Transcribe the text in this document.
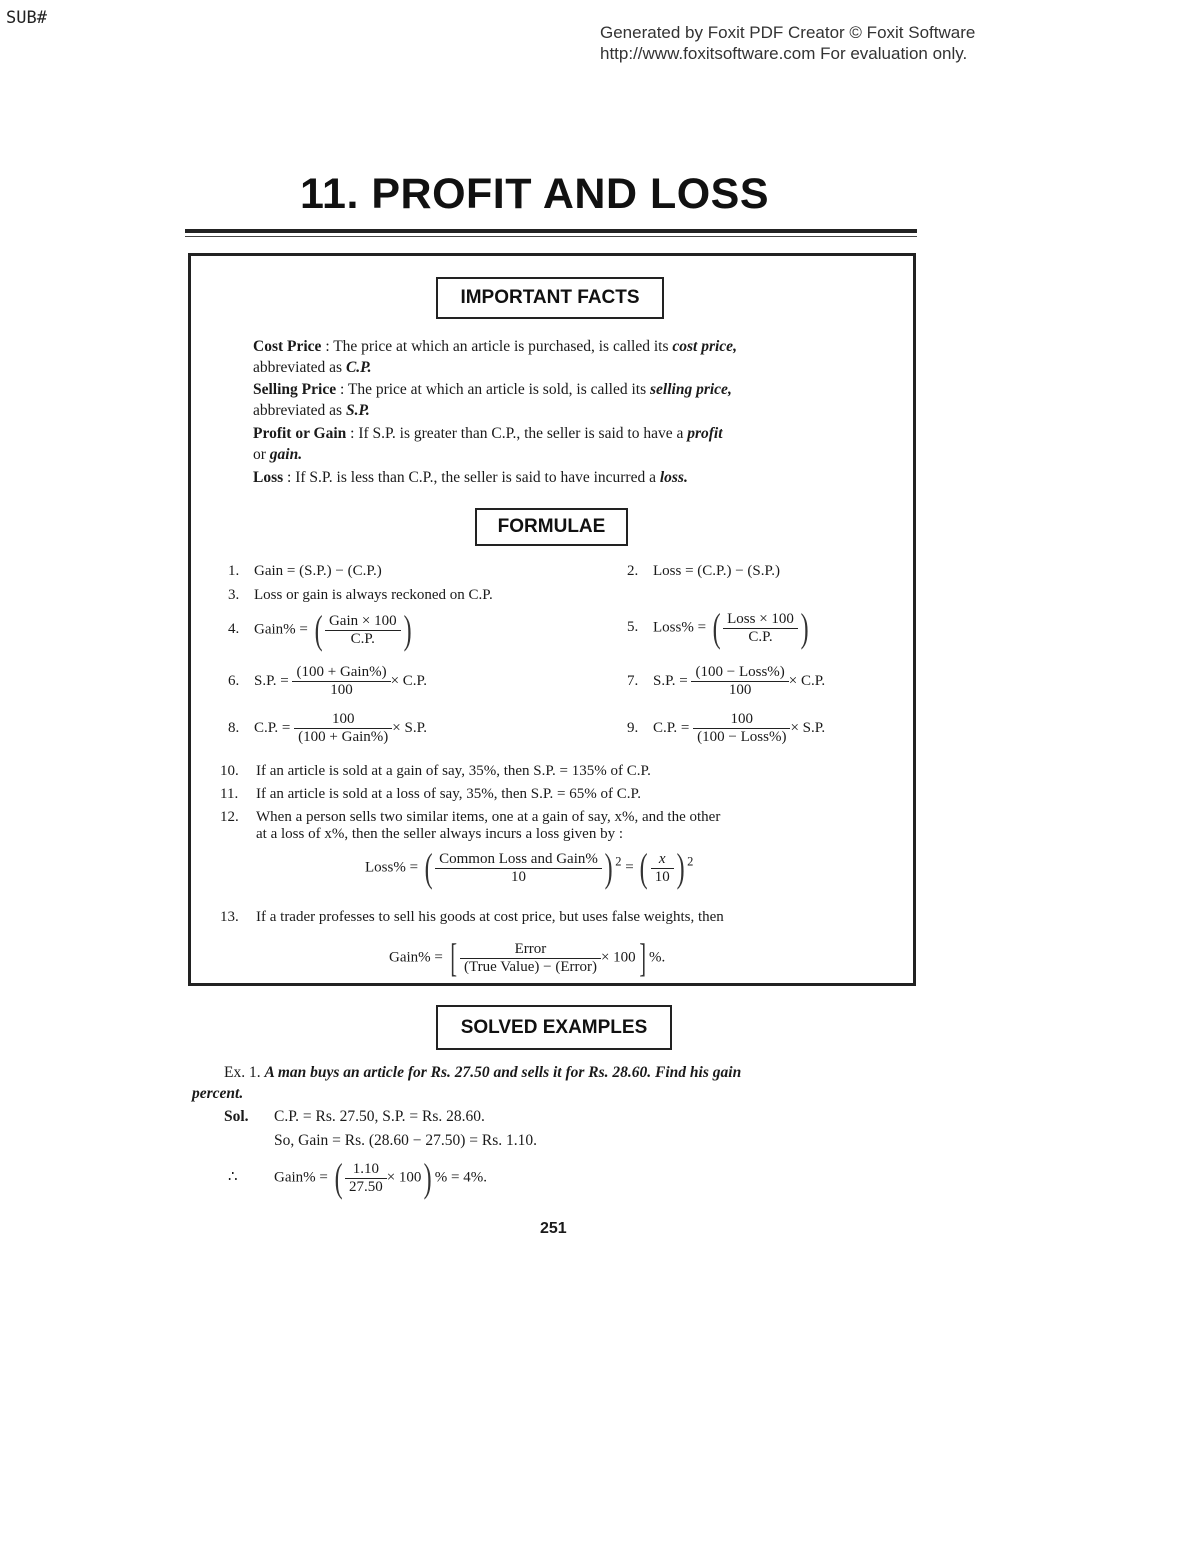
SUB#
Generated by Foxit PDF Creator © Foxit Software
http://www.foxitsoftware.com For evaluation only.
11. PROFIT AND LOSS
IMPORTANT FACTS
Cost Price : The price at which an article is purchased, is called its cost price,
abbreviated as C.P.
Selling Price : The price at which an article is sold, is called its selling price,
abbreviated as S.P.
Profit or Gain : If S.P. is greater than C.P., the seller is said to have a profit
or gain.
Loss : If S.P. is less than C.P., the seller is said to have incurred a loss.
FORMULAE
1. Gain = (S.P.) − (C.P.)	2. Loss = (C.P.) − (S.P.)
3. Loss or gain is always reckoned on C.P.
4. Gain% = ( $\frac{\text{Gain × 100}}{C.P.}$ )	5. Loss% = ( $\frac{\text{Loss × 100}}{C.P.}$ )
6. S.P. = $\frac{\text{(100 + Gain\%)}}{100} \times C.P$.	7. S.P. = $\frac{\text{(100 − Loss\%)}}{100} \times C.P$.
8. C.P. = $\frac{100}{\text{(100 + Gain\%)}} \times S.P$.	9. C.P. = $\frac{100}{\text{(100 − Loss\%)}} \times S.P$.
10. If an article is sold at a gain of say, 35%, then S.P. = 135% of C.P.
11. If an article is sold at a loss of say, 35%, then S.P. = 65% of C.P.
12. When a person sells two similar items, one at a gain of say, x%, and the other
at a loss of x%, then the seller always incurs a loss given by :
Loss% = ( $\frac{\text{Common Loss and Gain\%}}{10}$ ) $^2$ = ( $\frac{x}{10}$ ) $^2$
13. If a trader professes to sell his goods at cost price, but uses false weights, then
Gain% = [ $\frac{\text{Error}}{\text{(True Value) − (Error)}} \times 100$] %.
SOLVED EXAMPLES
Ex. 1. A man buys an article for Rs. 27.50 and sells it for Rs. 28.60. Find his gain
percent.
Sol. C.P. = Rs. 27.50, S.P. = Rs. 28.60.
So, Gain = Rs. (28.60 − 27.50) = Rs. 1.10.
∴ Gain% = ( $\frac{1.10}{27.50} \times 100$) % = 4%.
251
